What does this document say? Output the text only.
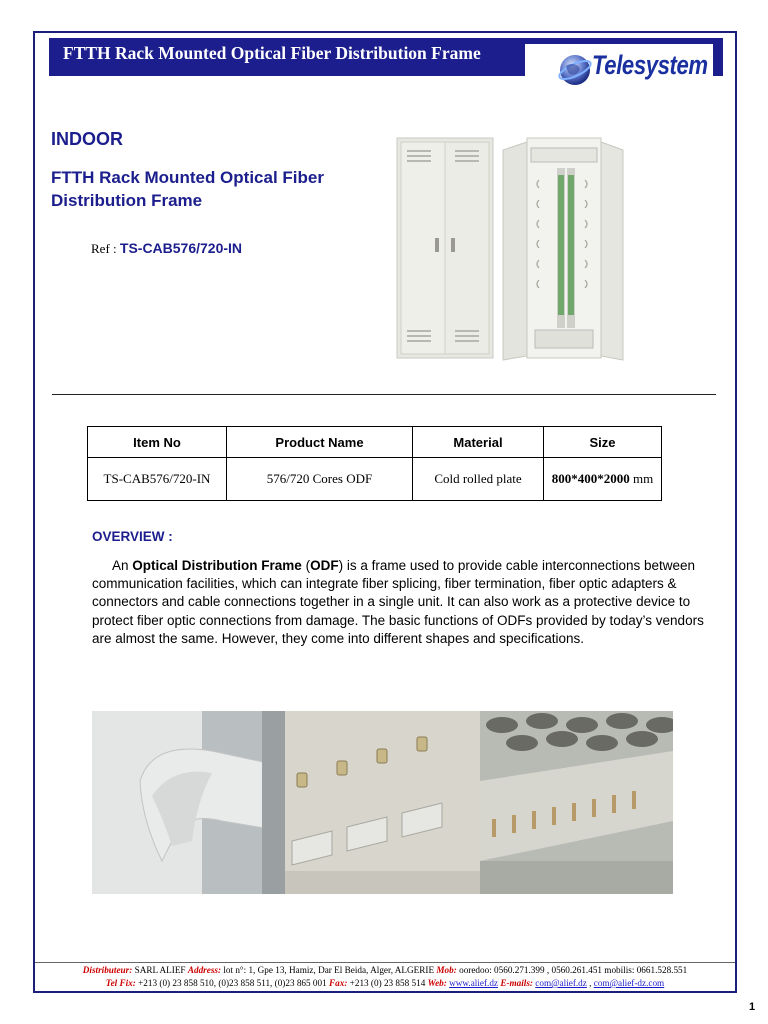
FTTH Rack Mounted Optical Fiber Distribution Frame	Telesystem
INDOOR
FTTH Rack Mounted Optical Fiber Distribution Frame
Ref : TS-CAB576/720-IN
Item No	Product Name	Material	Size
TS-CAB576/720-IN	576/720 Cores ODF	Cold rolled plate	800*400*2000 mm
OVERVIEW :
An Optical Distribution Frame (ODF) is a frame used to provide cable interconnections between communication facilities, which can integrate fiber splicing, fiber termination, fiber optic adapters & connectors and cable connections together in a single unit. It can also work as a protective device to protect fiber optic connections from damage. The basic functions of ODFs provided by today’s vendors are almost the same. However, they come into different shapes and specifications.
Distributeur: SARL ALIEF Address: lot n°: 1, Gpe 13, Hamiz, Dar El Beida, Alger, ALGERIE Mob: ooredoo: 0560.271.399 , 0560.261.451 mobilis: 0661.528.551
Tel Fix: +213 (0) 23 858 510, (0)23 858 511, (0)23 865 001 Fax: +213 (0) 23 858 514 Web: www.alief.dz E-mails: com@alief.dz , com@alief-dz.com
1
